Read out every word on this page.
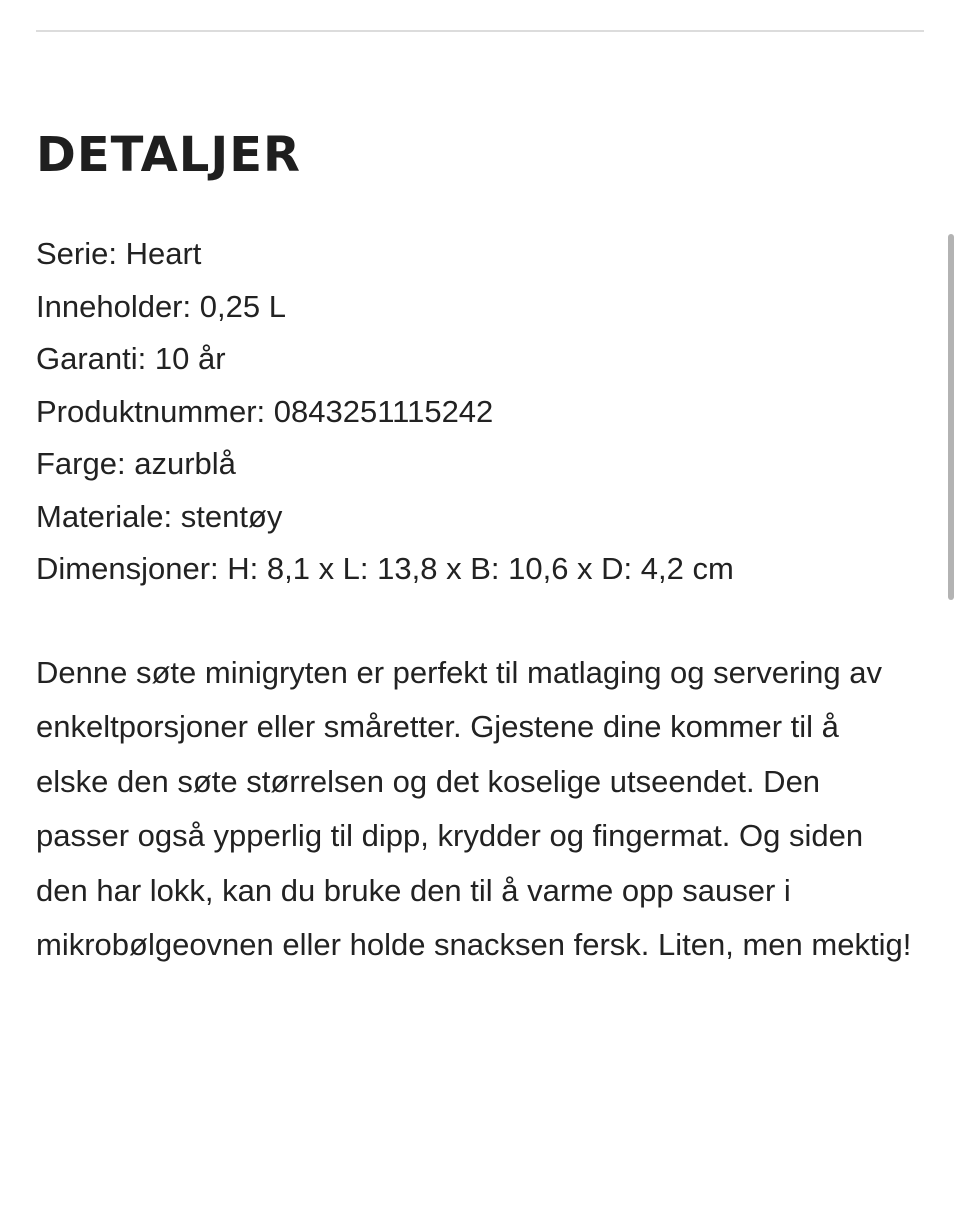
DETALJER
Serie: Heart
Inneholder: 0,25 L
Garanti: 10 år
Produktnummer: 0843251115242
Farge: azurblå
Materiale: stentøy
Dimensjoner: H: 8,1 x L: 13,8 x B: 10,6 x D: 4,2 cm

Denne søte minigryten er perfekt til matlaging og servering av enkeltporsjoner eller småretter. Gjestene dine kommer til å elske den søte størrelsen og det koselige utseendet. Den passer også ypperlig til dipp, krydder og fingermat. Og siden den har lokk, kan du bruke den til å varme opp sauser i mikrobølgeovnen eller holde snacksen fersk. Liten, men mektig!
